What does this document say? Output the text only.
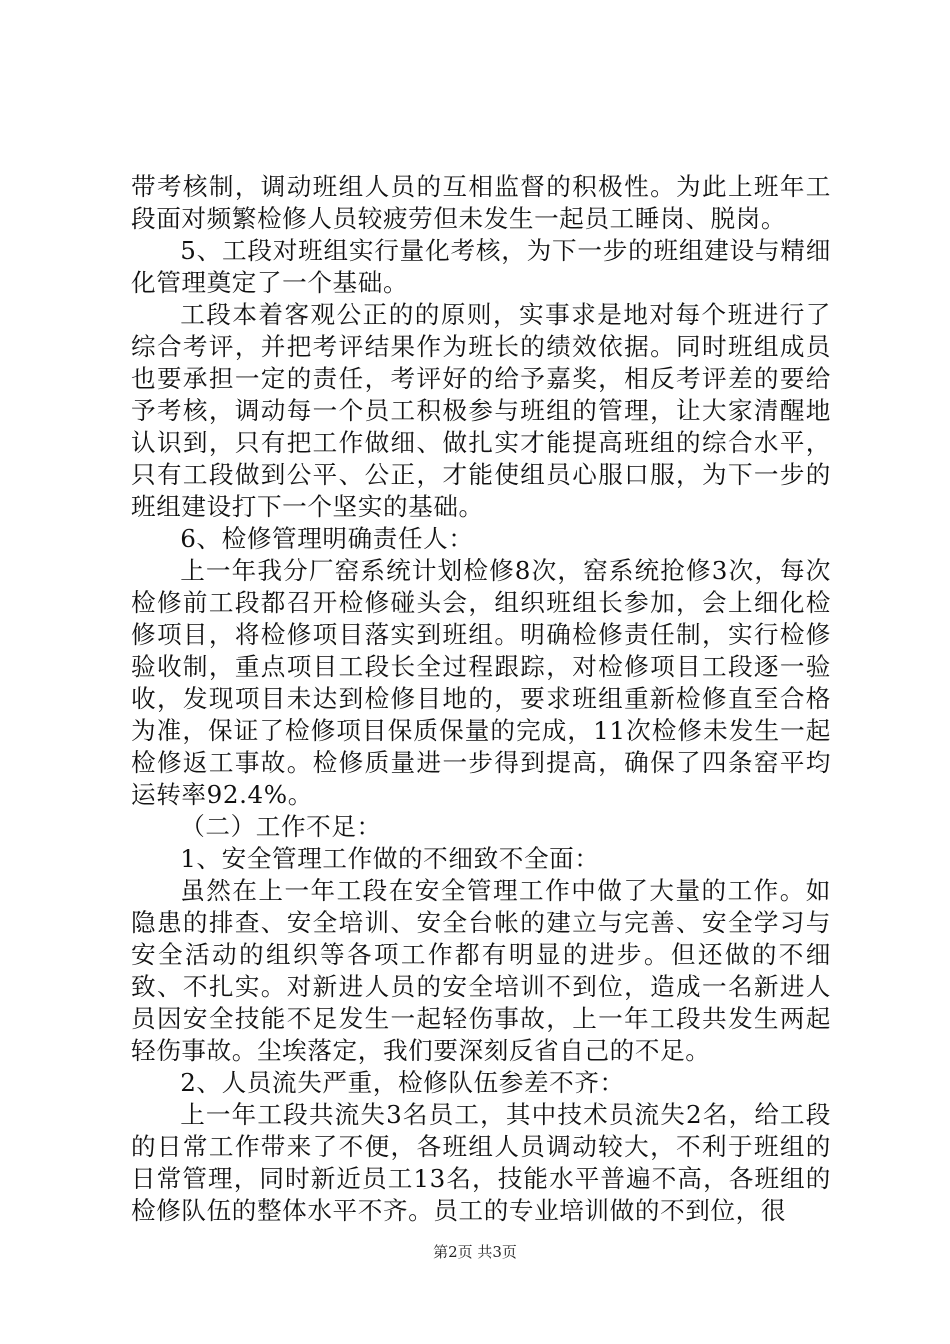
带考核制，调动班组人员的互相监督的积极性。为此上班年工段面对频繁检修人员较疲劳但未发生一起员工睡岗、脱岗。

5、工段对班组实行量化考核，为下一步的班组建设与精细化管理奠定了一个基础。

工段本着客观公正的的原则，实事求是地对每个班进行了综合考评，并把考评结果作为班长的绩效依据。同时班组成员也要承担一定的责任，考评好的给予嘉奖，相反考评差的要给予考核，调动每一个员工积极参与班组的管理，让大家清醒地认识到，只有把工作做细、做扎实才能提高班组的综合水平，只有工段做到公平、公正，才能使组员心服口服，为下一步的班组建设打下一个坚实的基础。

6、检修管理明确责任人：

上一年我分厂窑系统计划检修8次，窑系统抢修3次，每次检修前工段都召开检修碰头会，组织班组长参加，会上细化检修项目，将检修项目落实到班组。明确检修责任制，实行检修验收制，重点项目工段长全过程跟踪，对检修项目工段逐一验收，发现项目未达到检修目地的，要求班组重新检修直至合格为准，保证了检修项目保质保量的完成，11次检修未发生一起检修返工事故。检修质量进一步得到提高，确保了四条窑平均运转率92.4%。

（二）工作不足：

1、安全管理工作做的不细致不全面：

虽然在上一年工段在安全管理工作中做了大量的工作。如隐患的排查、安全培训、安全台帐的建立与完善、安全学习与安全活动的组织等各项工作都有明显的进步。但还做的不细致、不扎实。对新进人员的安全培训不到位，造成一名新进人员因安全技能不足发生一起轻伤事故，上一年工段共发生两起轻伤事故。尘埃落定，我们要深刻反省自己的不足。

2、人员流失严重，检修队伍参差不齐：

上一年工段共流失3名员工，其中技术员流失2名，给工段的日常工作带来了不便，各班组人员调动较大，不利于班组的日常管理，同时新近员工13名，技能水平普遍不高，各班组的检修队伍的整体水平不齐。员工的专业培训做的不到位，很

第2页 共3页
